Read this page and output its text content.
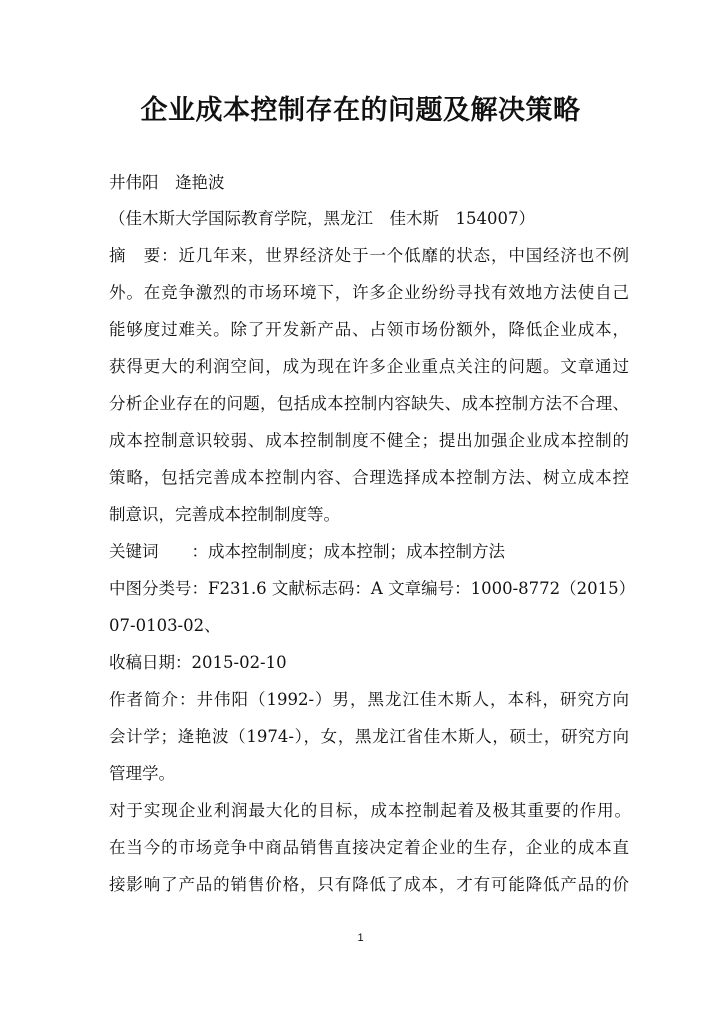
企业成本控制存在的问题及解决策略
井伟阳　逄艳波
（佳木斯大学国际教育学院，黑龙江　佳木斯　154007）
摘　要：近几年来，世界经济处于一个低靡的状态，中国经济也不例
外。在竞争激烈的市场环境下，许多企业纷纷寻找有效地方法使自己
能够度过难关。除了开发新产品、占领市场份额外，降低企业成本，
获得更大的利润空间，成为现在许多企业重点关注的问题。文章通过
分析企业存在的问题，包括成本控制内容缺失、成本控制方法不合理、
成本控制意识较弱、成本控制制度不健全；提出加强企业成本控制的
策略，包括完善成本控制内容、合理选择成本控制方法、树立成本控
制意识，完善成本控制制度等。
关键词　　：成本控制制度；成本控制；成本控制方法
中图分类号：F231.6 文献标志码：A 文章编号：1000-8772（2015）
07-0103-02、
收稿日期：2015-02-10
作者简介：井伟阳（1992-）男，黑龙江佳木斯人，本科，研究方向
会计学；逄艳波（1974-），女，黑龙江省佳木斯人，硕士，研究方向
管理学。
对于实现企业利润最大化的目标，成本控制起着及极其重要的作用。
在当今的市场竞争中商品销售直接决定着企业的生存，企业的成本直
接影响了产品的销售价格，只有降低了成本，才有可能降低产品的价
1
